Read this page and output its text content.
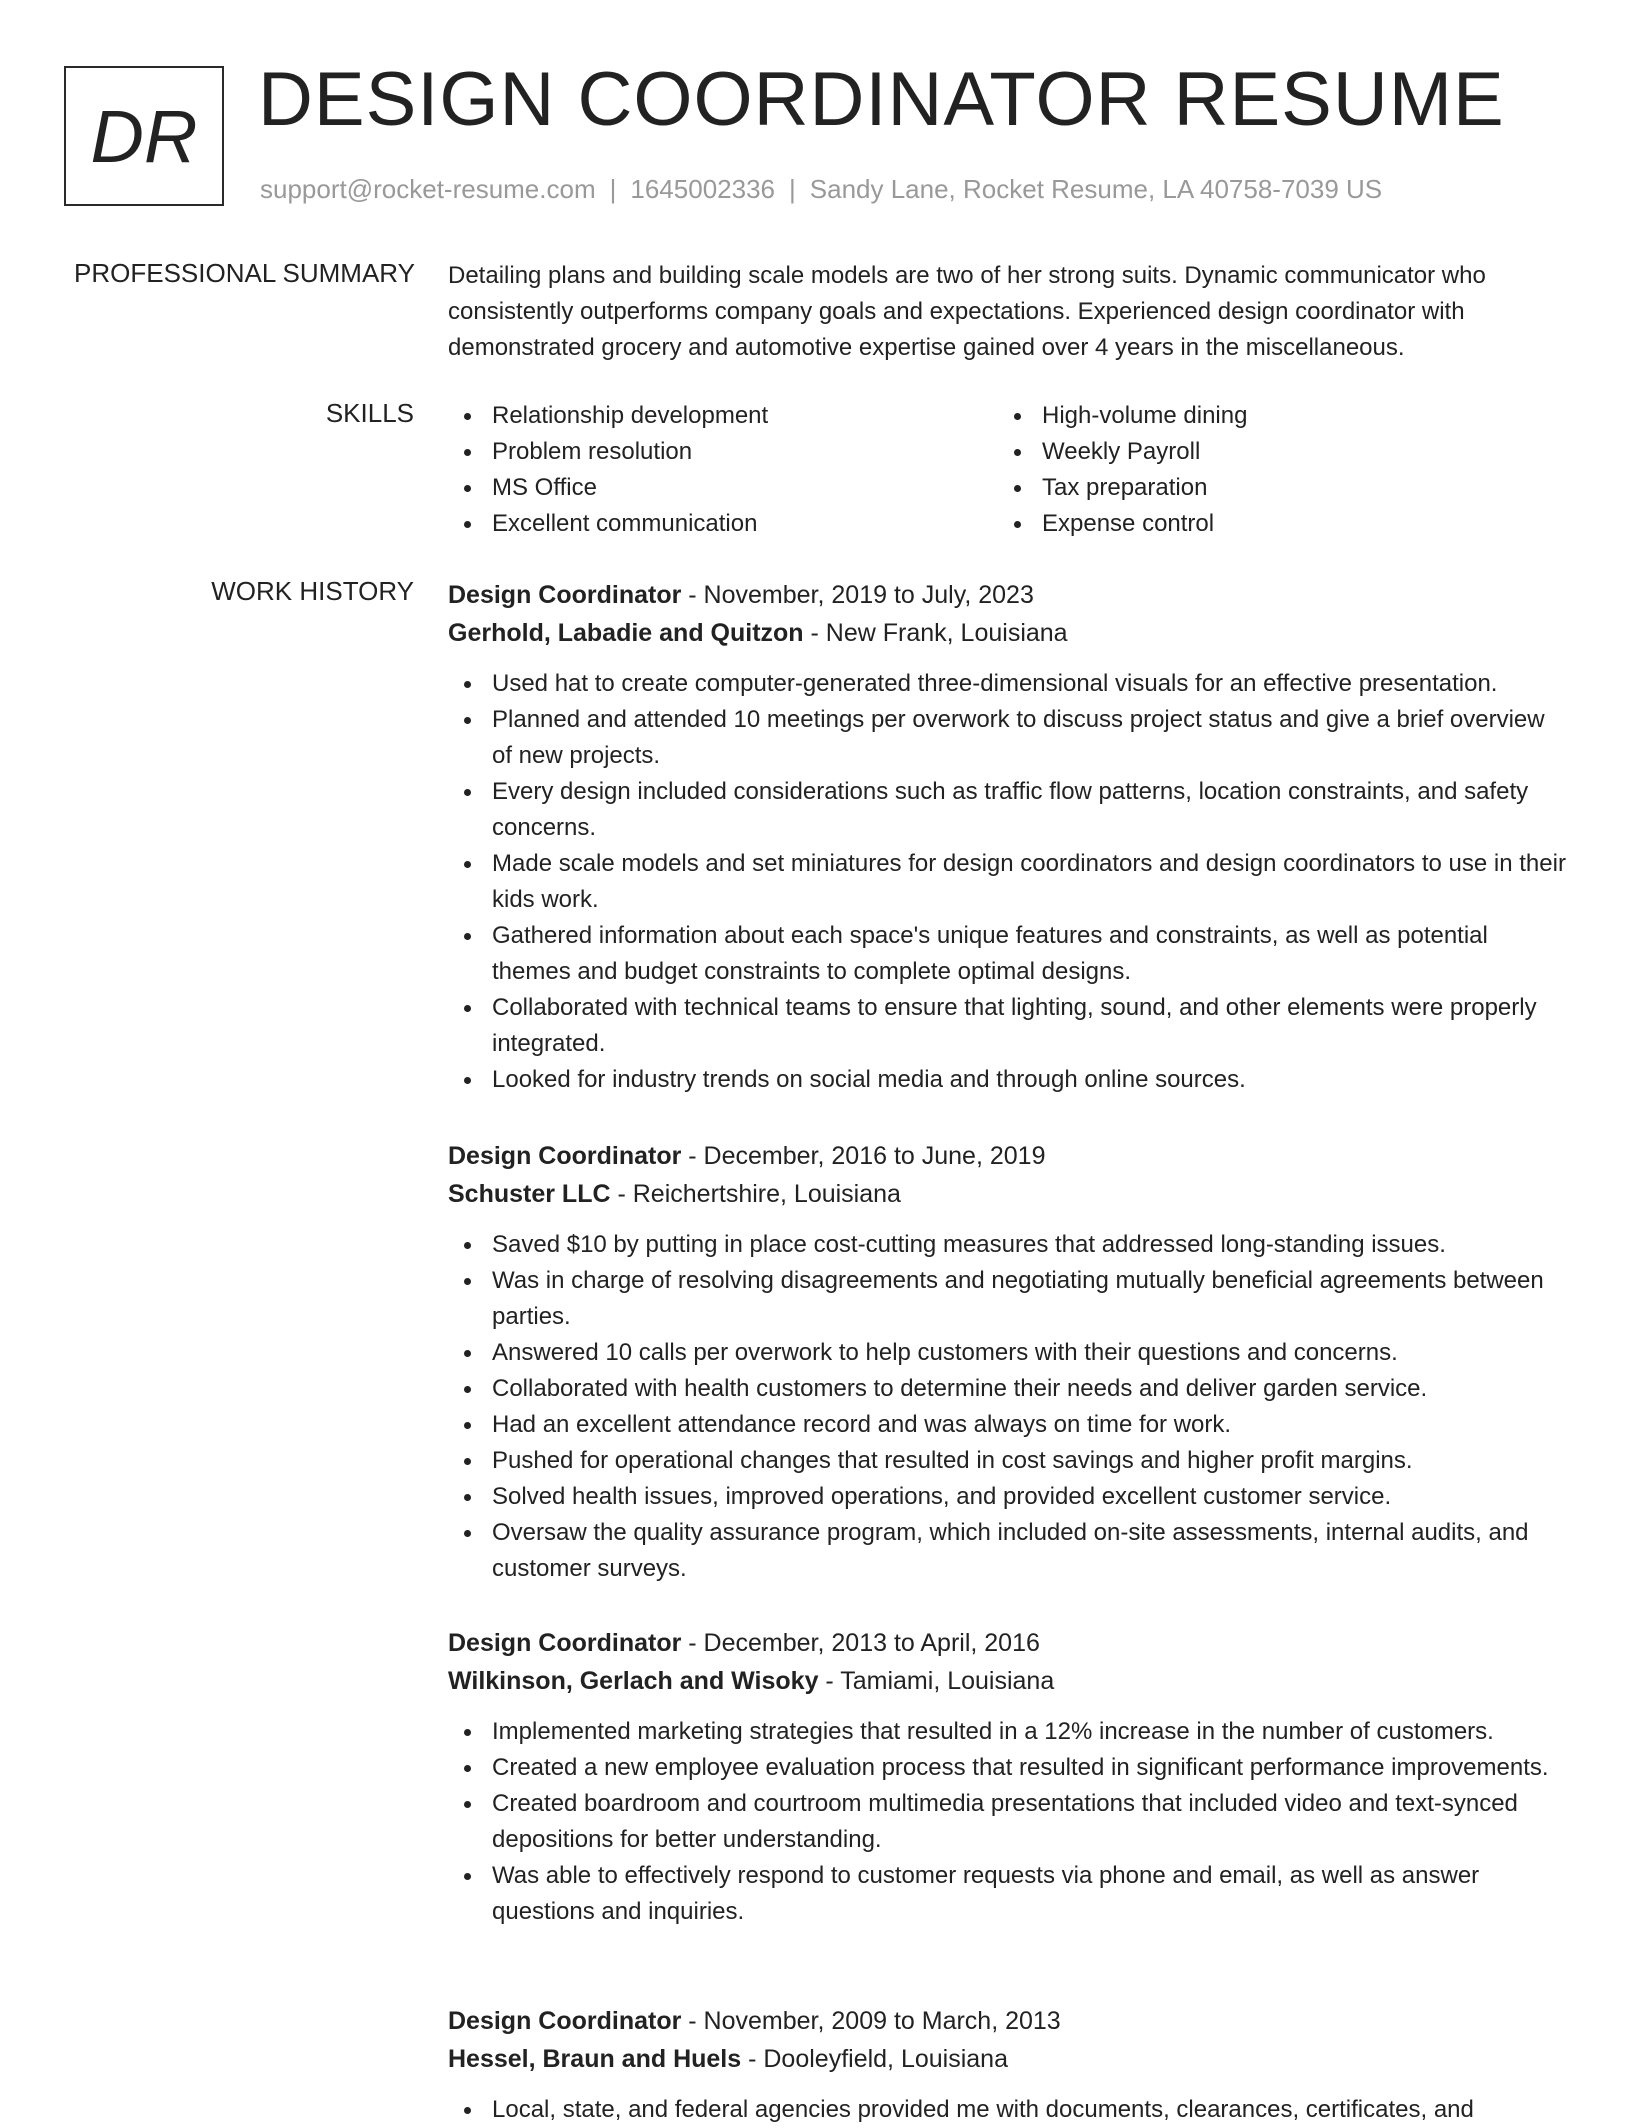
DR DESIGN COORDINATOR RESUME
support@rocket-resume.com | 1645002336 | Sandy Lane, Rocket Resume, LA 40758-7039 US
PROFESSIONAL SUMMARY Detailing plans and building scale models are two of her strong suits. Dynamic communicator who consistently outperforms company goals and expectations. Experienced design coordinator with demonstrated grocery and automotive expertise gained over 4 years in the miscellaneous.

SKILLS	Relationship development
Problem resolution
MS Office
Excellent communication
High-volume dining
Weekly Payroll
Tax preparation
Expense control
WORK HISTORY Design Coordinator - November, 2019 to July, 2023
Gerhold, Labadie and Quitzon - New Frank, Louisiana
Used hat to create computer-generated three-dimensional visuals for an effective presentation.
Planned and attended 10 meetings per overwork to discuss project status and give a brief overview of new projects.
Every design included considerations such as traffic flow patterns, location constraints, and safety concerns.
Made scale models and set miniatures for design coordinators and design coordinators to use in their kids work.
Gathered information about each space's unique features and constraints, as well as potential themes and budget constraints to complete optimal designs.
Collaborated with technical teams to ensure that lighting, sound, and other elements were properly integrated.
Looked for industry trends on social media and through online sources.
Design Coordinator - December, 2016 to June, 2019
Schuster LLC - Reichertshire, Louisiana
Saved $10 by putting in place cost-cutting measures that addressed long-standing issues.
Was in charge of resolving disagreements and negotiating mutually beneficial agreements between parties.
Answered 10 calls per overwork to help customers with their questions and concerns.
Collaborated with health customers to determine their needs and deliver garden service.
Had an excellent attendance record and was always on time for work.
Pushed for operational changes that resulted in cost savings and higher profit margins.
Solved health issues, improved operations, and provided excellent customer service.
Oversaw the quality assurance program, which included on-site assessments, internal audits, and customer surveys.
Design Coordinator - December, 2013 to April, 2016
Wilkinson, Gerlach and Wisoky - Tamiami, Louisiana
Implemented marketing strategies that resulted in a 12% increase in the number of customers.
Created a new employee evaluation process that resulted in significant performance improvements.
Created boardroom and courtroom multimedia presentations that included video and text-synced depositions for better understanding.
Was able to effectively respond to customer requests via phone and email, as well as answer questions and inquiries.
Design Coordinator - November, 2009 to March, 2013
Hessel, Braun and Huels - Dooleyfield, Louisiana
Local, state, and federal agencies provided me with documents, clearances, certificates, and
